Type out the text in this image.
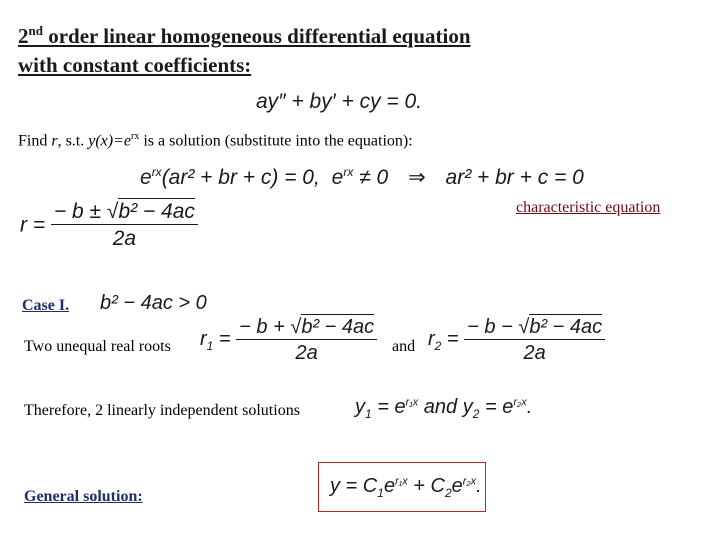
2nd order linear homogeneous differential equation
with constant coefficients:
ay″ + by′ + cy = 0.
Find r, s.t. $y(x)=e^{rx}$ is a solution (substitute into the equation):
$e^{rx}(ar^2$ + br + c) = 0, $e^{rx} \ne 0$ ⇒ ar² + br + c = 0
characteristic equation
$r = \frac{\text{− b ± √b² − 4ac}}{2a}$
Case I. b² − 4ac > 0
Two unequal real roots $r_1 = \frac{\text{− b + √b² − 4ac}}{2a}$ and $r_2 = \frac{\text{− b − √b² − 4ac}}{2a}$
Therefore, 2 linearly independent solutions	$y_1 = e^{r_1x}$ and $y_2 = e^{r_2x}$.
General solution:	$y = C_1e^{r_1x} + C_2e^{r_2x}$.
